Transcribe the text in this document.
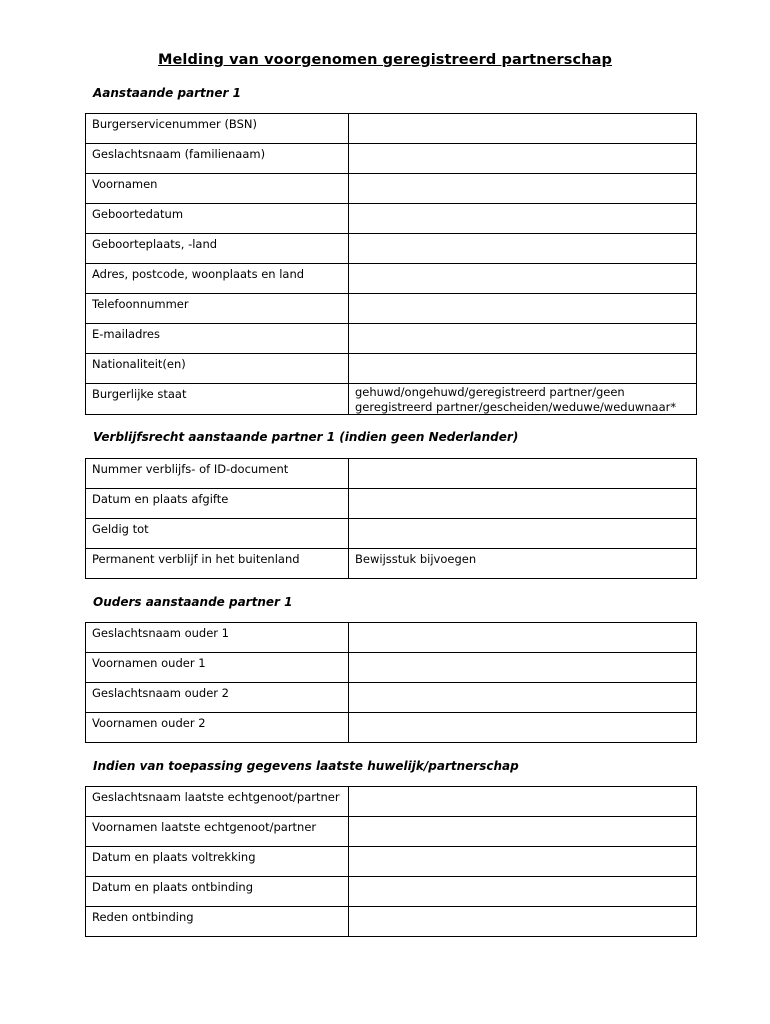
Melding van voorgenomen geregistreerd partnerschap
Aanstaande partner 1
Burgerservicenummer (BSN)	
Geslachtsnaam (familienaam)	
Voornamen	
Geboortedatum	
Geboorteplaats, -land	
Adres, postcode, woonplaats en land	
Telefoonnummer	
E-mailadres	
Nationaliteit(en)	
Burgerlijke staat	gehuwd/ongehuwd/geregistreerd partner/geen geregistreerd partner/gescheiden/weduwe/weduwnaar*
Verblijfsrecht aanstaande partner 1 (indien geen Nederlander)
Nummer verblijfs- of ID-document	
Datum en plaats afgifte	
Geldig tot	
Permanent verblijf in het buitenland	Bewijsstuk bijvoegen
Ouders aanstaande partner 1
Geslachtsnaam ouder 1	
Voornamen ouder 1	
Geslachtsnaam ouder 2	
Voornamen ouder 2	
Indien van toepassing gegevens laatste huwelijk/partnerschap
Geslachtsnaam laatste echtgenoot/partner	
Voornamen laatste echtgenoot/partner	
Datum en plaats voltrekking	
Datum en plaats ontbinding	
Reden ontbinding	
